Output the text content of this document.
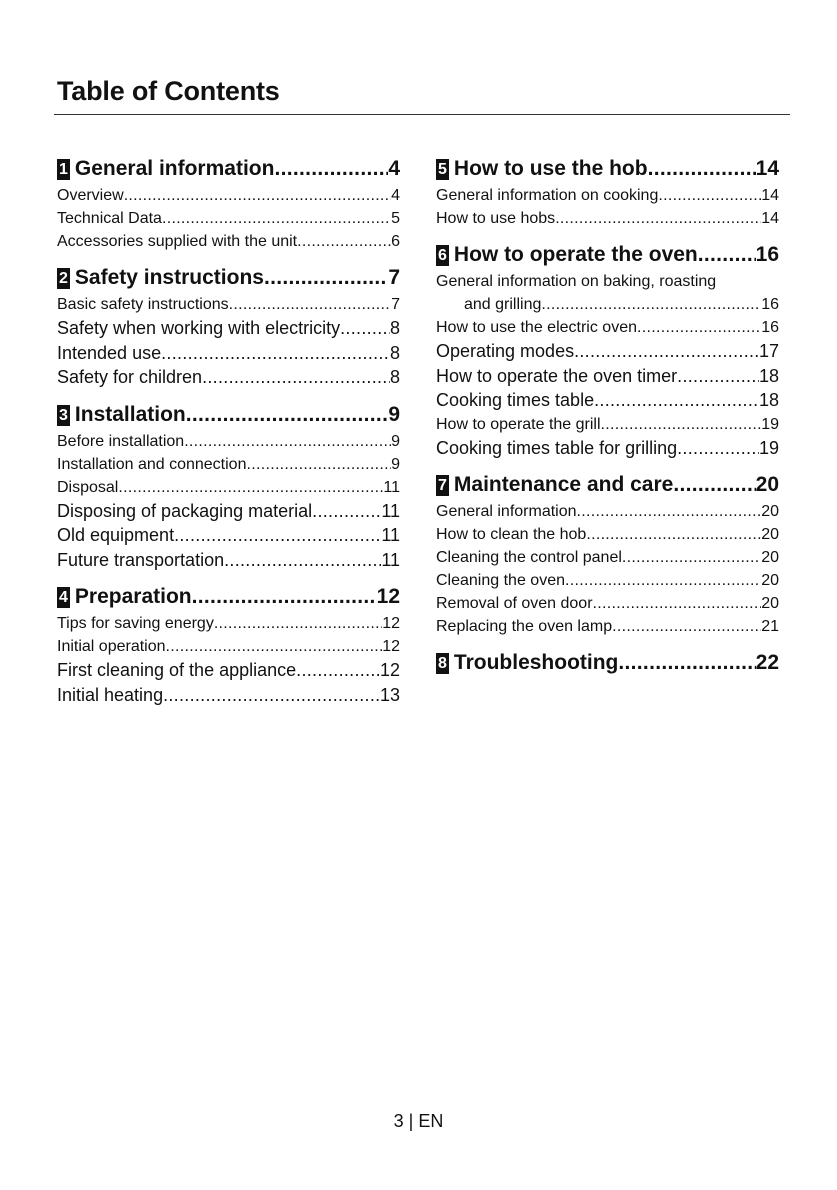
Table of Contents
1 General information .....	4
Overview .....	4
Technical Data .....	5
Accessories supplied with the unit .....	6
2 Safety instructions .....	7
Basic safety instructions .....	7
Safety when working with electricity .....	8
Intended use .....	8
Safety for children .....	8
3 Installation .....	9
Before installation .....	9
Installation and connection .....	9
Disposal .....	11
Disposing of packaging material .....	11
Old equipment .....	11
Future transportation .....	11
4 Preparation .....	12
Tips for saving energy .....	12
Initial operation .....	12
First cleaning of the appliance .....	12
Initial heating .....	13
5 How to use the hob .....	14
General information on cooking .....	14
How to use hobs .....	14
6 How to operate the oven .....	16
General information on baking, roasting
and grilling .....	16
How to use the electric oven .....	16
Operating modes .....	17
How to operate the oven timer .....	18
Cooking times table .....	18
How to operate the grill .....	19
Cooking times table for grilling .....	19
7 Maintenance and care .....	20
General information .....	20
How to clean the hob .....	20
Cleaning the control panel .....	20
Cleaning the oven .....	20
Removal of oven door .....	20
Replacing the oven lamp .....	21
8 Troubleshooting .....	22
3 | EN
